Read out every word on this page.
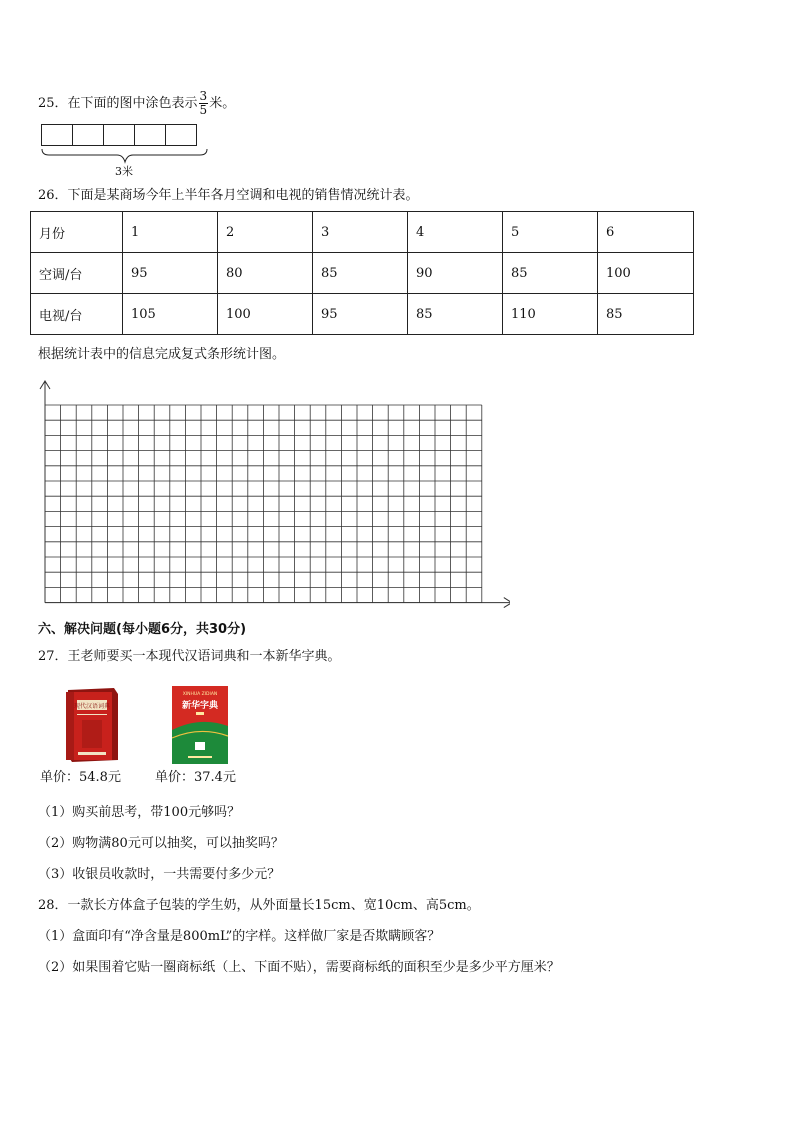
25．在下面的图中涂色表示 $\frac{3}{5}$ 米。
3米
26．下面是某商场今年上半年各月空调和电视的销售情况统计表。
月份	1	2	3	4	5	6
空调/台	95	80	85	90	85	100
电视/台	105	100	95	85	110	85
根据统计表中的信息完成复式条形统计图。
六、解决问题(每小题6分，共30分)
27．王老师要买一本现代汉语词典和一本新华字典。
现代汉语词典
XINHUA ZIDIAN
新华字典
单价：54.8元	单价：37.4元
（1）购买前思考，带100元够吗？
（2）购物满80元可以抽奖，可以抽奖吗？
（3）收银员收款时，一共需要付多少元？
28．一款长方体盒子包装的学生奶，从外面量长15cm、宽10cm、高5cm。
（1）盒面印有“净含量是800mL”的字样。这样做厂家是否欺瞒顾客？
（2）如果围着它贴一圈商标纸（上、下面不贴），需要商标纸的面积至少是多少平方厘米？
